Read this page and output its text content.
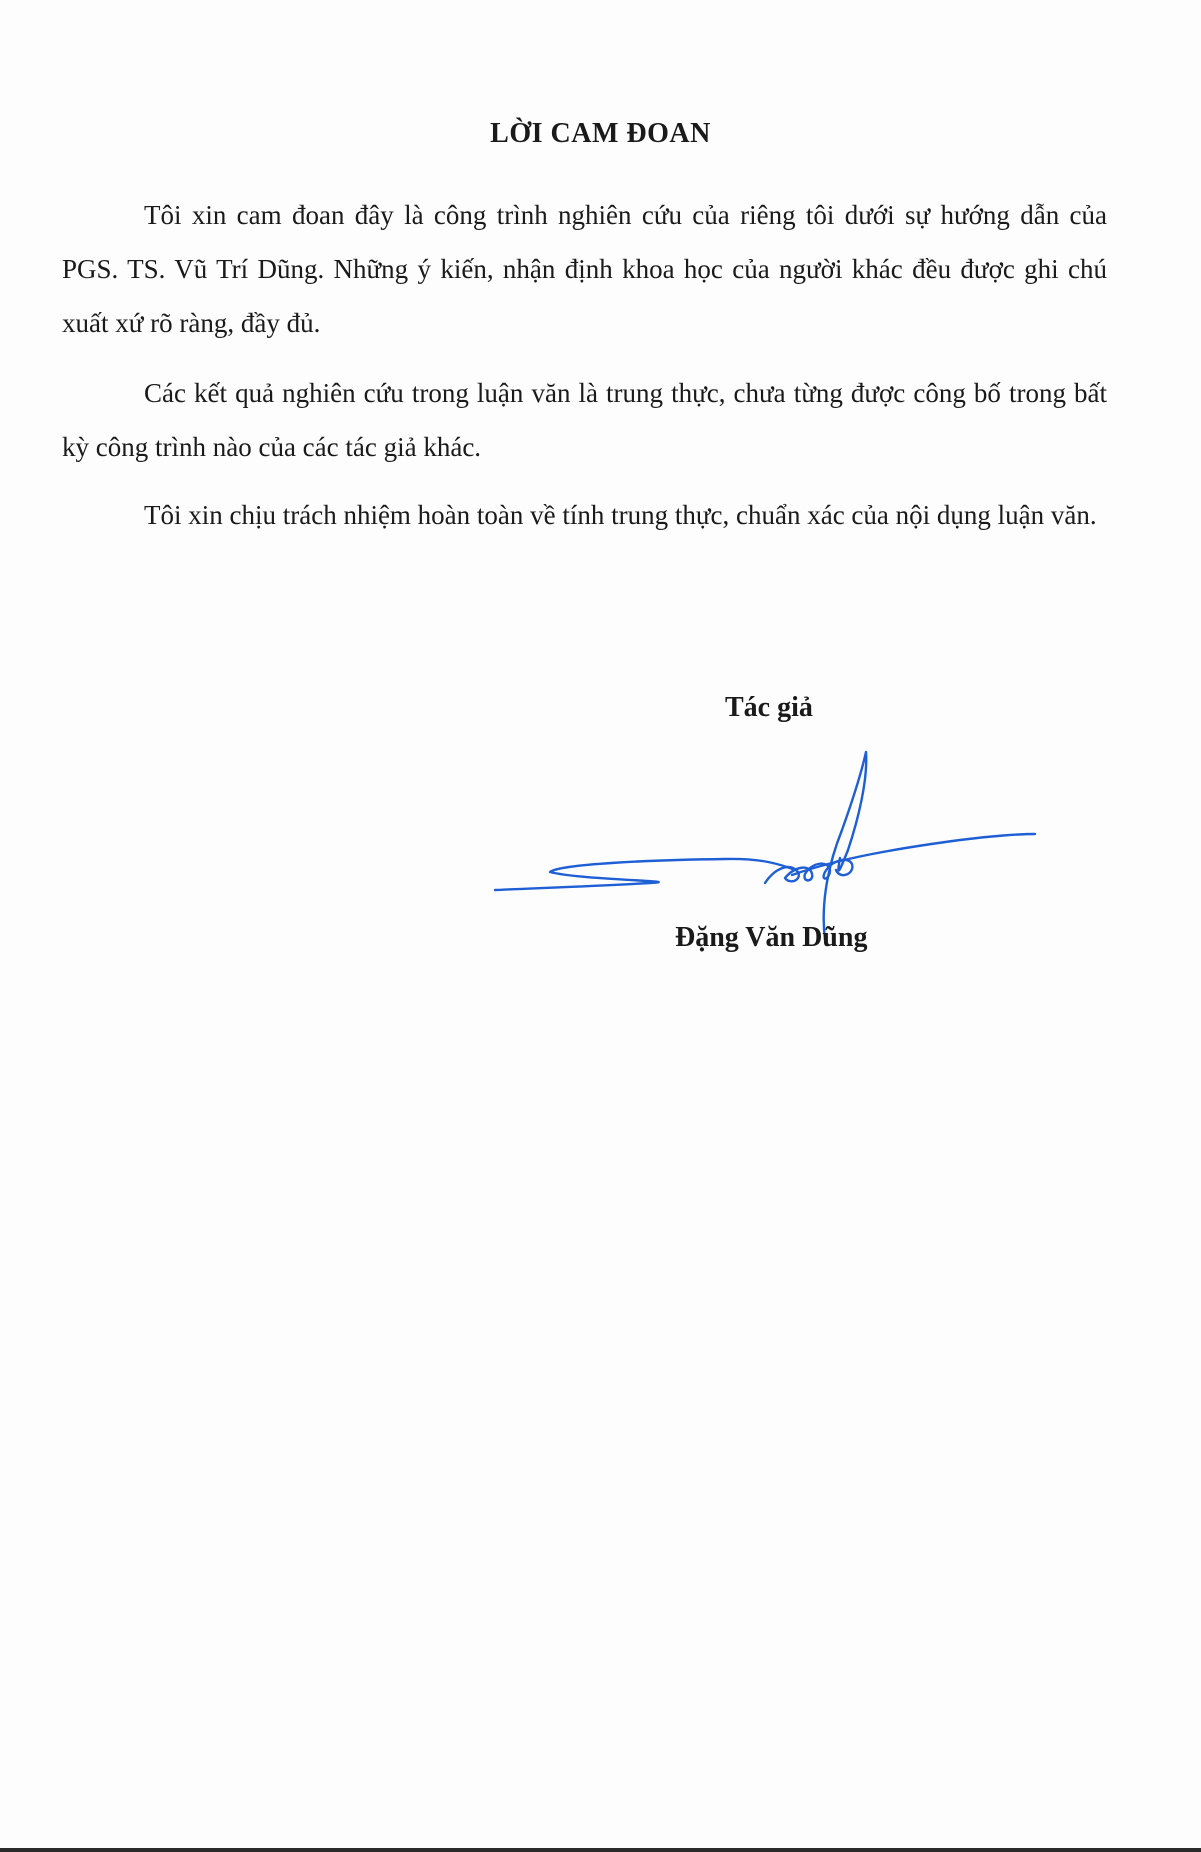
LỜI CAM ĐOAN

Tôi xin cam đoan đây là công trình nghiên cứu của riêng tôi dưới sự hướng dẫn của PGS. TS. Vũ Trí Dũng. Những ý kiến, nhận định khoa học của người khác đều được ghi chú xuất xứ rõ ràng, đầy đủ.

Các kết quả nghiên cứu trong luận văn là trung thực, chưa từng được công bố trong bất kỳ công trình nào của các tác giả khác.

Tôi xin chịu trách nhiệm hoàn toàn về tính trung thực, chuẩn xác của nội dụng luận văn.

Tác giả
Đặng Văn Dũng
